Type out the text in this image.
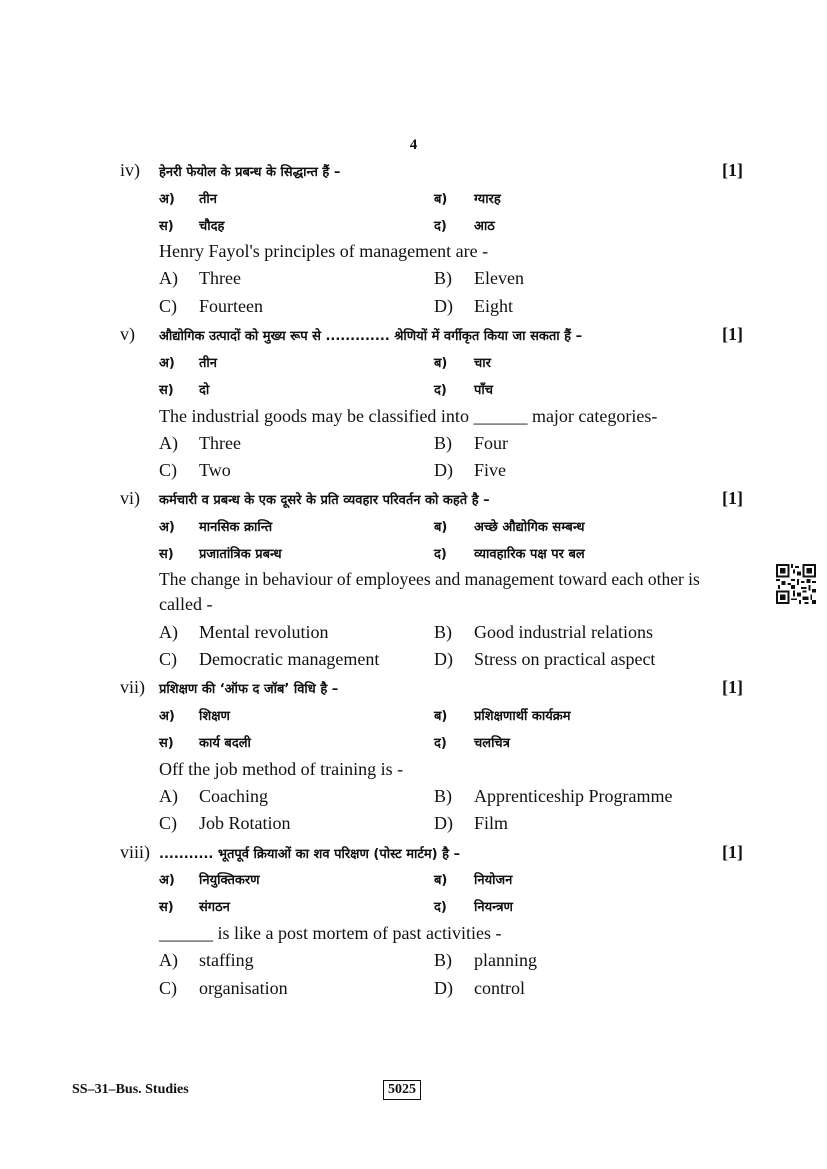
4
iv) हेनरी फेयोल के प्रबन्ध के सिद्धान्त हैं –	[1]
अ) तीन	ब) ग्यारह
स) चौदह	द) आठ
Henry Fayol's principles of management are -
A) Three	B) Eleven
C) Fourteen	D) Eight
v) औद्योगिक उत्पादों को मुख्य रूप से ............. श्रेणियों में वर्गीकृत किया जा सकता हैं –	[1]
अ) तीन	ब) चार
स) दो	द) पाँच
The industrial goods may be classified into ______ major categories-
A) Three	B) Four
C) Two	D) Five
vi) कर्मचारी व प्रबन्ध के एक दूसरे के प्रति व्यवहार परिवर्तन को कहते है –	[1]
अ) मानसिक क्रान्ति	ब) अच्छे औद्योगिक सम्बन्ध
स) प्रजातांत्रिक प्रबन्ध	द) व्यावहारिक पक्ष पर बल
The change in behaviour of employees and management toward each other is
called -
A) Mental revolution	B) Good industrial relations
C) Democratic management	D) Stress on practical aspect
vii) प्रशिक्षण की ‘ऑफ द जॉब’ विधि है –	[1]
अ) शिक्षण	ब) प्रशिक्षणार्थी कार्यक्रम
स) कार्य बदली	द) चलचित्र
Off the job method of training is -
A) Coaching	B) Apprenticeship Programme
C) Job Rotation	D) Film
viii) ........... भूतपूर्व क्रियाओं का शव परिक्षण (पोस्ट मार्टम) है –	[1]
अ) नियुक्तिकरण	ब) नियोजन
स) संगठन	द) नियन्त्रण
______ is like a post mortem of past activities -
A) staffing	B) planning
C) organisation	D) control
SS–31–Bus. Studies	5025
